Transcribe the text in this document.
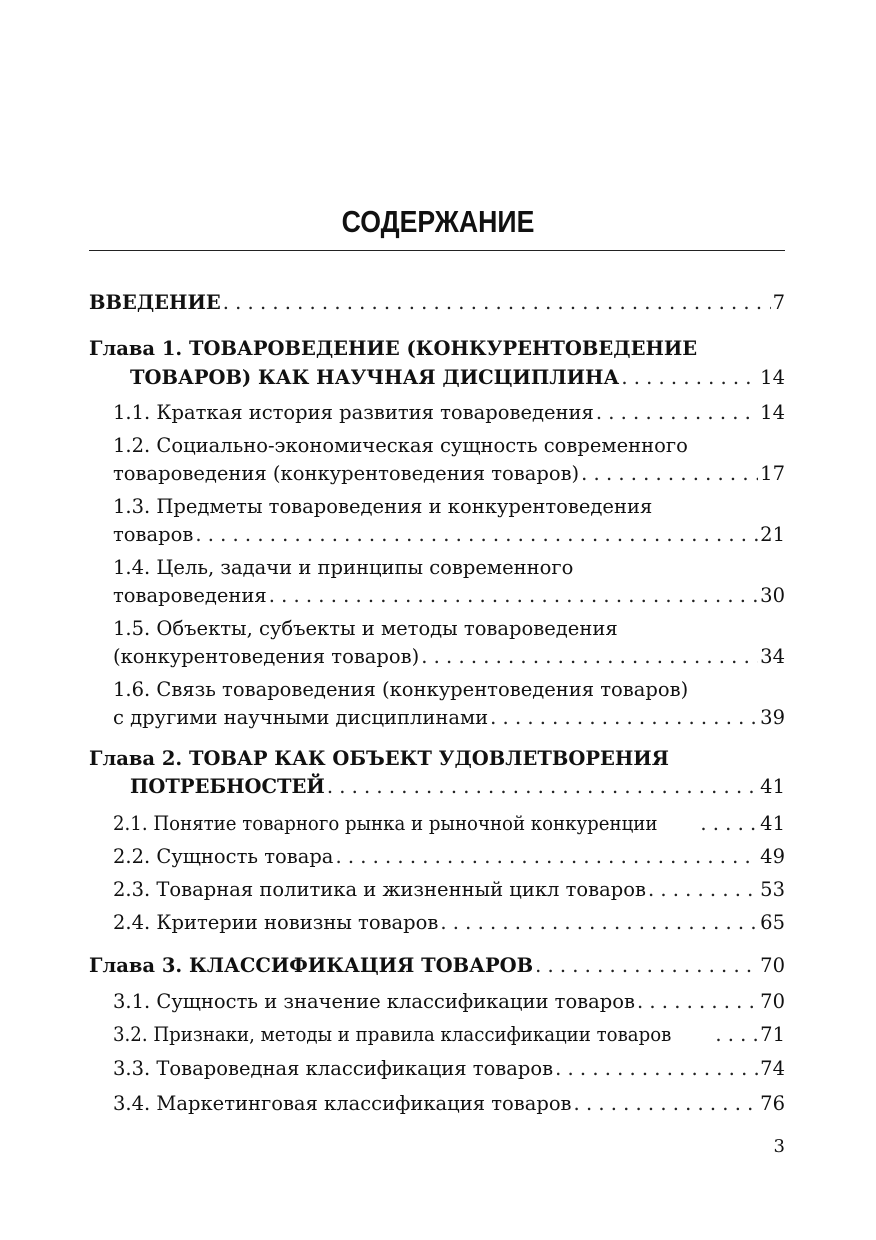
СОДЕРЖАНИЕ
ВВЕДЕНИЕ . . .	7
Глава 1. ТОВАРОВЕДЕНИЕ (КОНКУРЕНТОВЕДЕНИЕ
ТОВАРОВ) КАК НАУЧНАЯ ДИСЦИПЛИНА . . .	14
1.1. Краткая история развития товароведения . . .	14
1.2. Социально-экономическая сущность современного
товароведения (конкурентоведения товаров) . . .	17
1.3. Предметы товароведения и конкурентоведения
товаров . . .	21
1.4. Цель, задачи и принципы современного
товароведения . . .	30
1.5. Объекты, субъекты и методы товароведения
(конкурентоведения товаров) . . .	34
1.6. Связь товароведения (конкурентоведения товаров)
с другими научными дисциплинами . . .	39
Глава 2. ТОВАР КАК ОБЪЕКТ УДОВЛЕТВОРЕНИЯ
ПОТРЕБНОСТЕЙ . . .	41
2.1. Понятие товарного рынка и рыночной конкуренции . . .	41
2.2. Сущность товара . . .	49
2.3. Товарная политика и жизненный цикл товаров . . .	53
2.4. Критерии новизны товаров . . .	65
Глава 3. КЛАССИФИКАЦИЯ ТОВАРОВ . . .	70
3.1. Сущность и значение классификации товаров . . .	70
3.2. Признаки, методы и правила классификации товаров . . .	71
3.3. Товароведная классификация товаров . . .	74
3.4. Маркетинговая классификация товаров . . .	76
3
